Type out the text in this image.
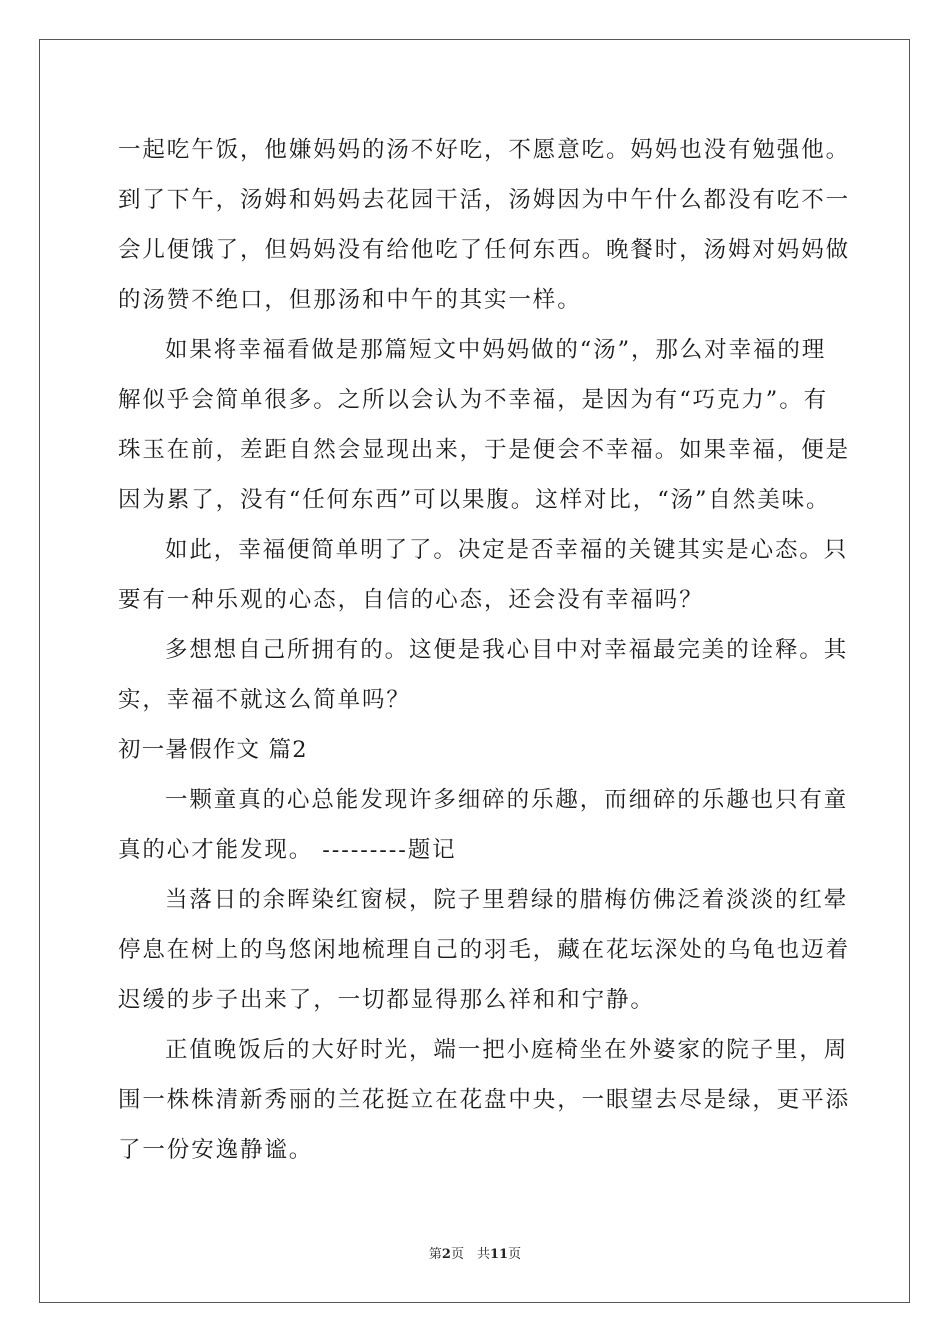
一起吃午饭，他嫌妈妈的汤不好吃，不愿意吃。妈妈也没有勉强他。
到了下午，汤姆和妈妈去花园干活，汤姆因为中午什么都没有吃不一
会儿便饿了，但妈妈没有给他吃了任何东西。晚餐时，汤姆对妈妈做
的汤赞不绝口，但那汤和中午的其实一样。
如果将幸福看做是那篇短文中妈妈做的“汤”，那么对幸福的理
解似乎会简单很多。之所以会认为不幸福，是因为有“巧克力”。有
珠玉在前，差距自然会显现出来，于是便会不幸福。如果幸福，便是
因为累了，没有“任何东西”可以果腹。这样对比，“汤”自然美味。
如此，幸福便简单明了了。决定是否幸福的关键其实是心态。只
要有一种乐观的心态，自信的心态，还会没有幸福吗？
多想想自己所拥有的。这便是我心目中对幸福最完美的诠释。其
实，幸福不就这么简单吗？
初一暑假作文 篇2
一颗童真的心总能发现许多细碎的乐趣，而细碎的乐趣也只有童
真的心才能发现。 ---------题记
当落日的余晖染红窗棂，院子里碧绿的腊梅仿佛泛着淡淡的红晕
停息在树上的鸟悠闲地梳理自己的羽毛，藏在花坛深处的乌龟也迈着
迟缓的步子出来了，一切都显得那么祥和和宁静。
正值晚饭后的大好时光，端一把小庭椅坐在外婆家的院子里，周
围一株株清新秀丽的兰花挺立在花盘中央，一眼望去尽是绿，更平添
了一份安逸静谧。
第2页　共11页
